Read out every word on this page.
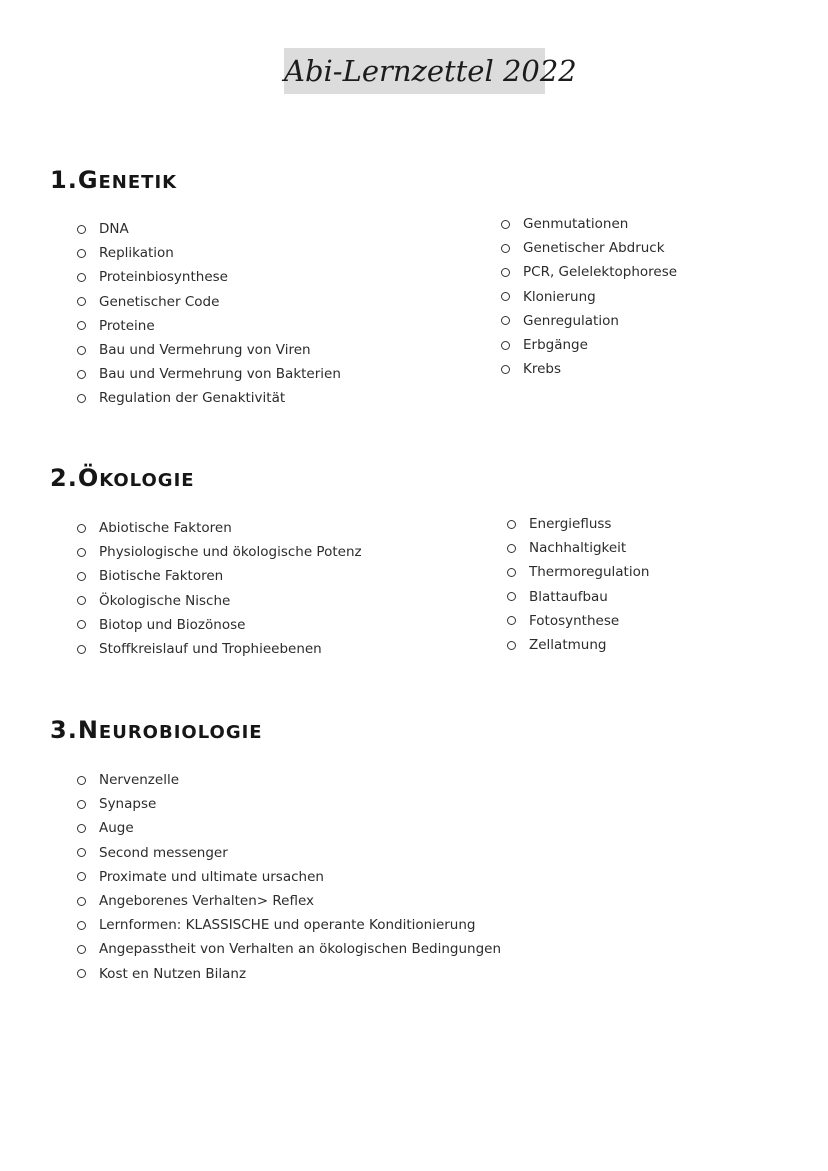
Abi-Lernzettel 2022
1.GENETIK
DNA
Replikation
Proteinbiosynthese
Genetischer Code
Proteine
Bau und Vermehrung von Viren
Bau und Vermehrung von Bakterien
Regulation der Genaktivität
Genmutationen
Genetischer Abdruck
PCR, Gelelektophorese
Klonierung
Genregulation
Erbgänge
Krebs
2.ÖKOLOGIE
Abiotische Faktoren
Physiologische und ökologische Potenz
Biotische Faktoren
Ökologische Nische
Biotop und Biozönose
Stoffkreislauf und Trophieebenen
Energiefluss
Nachhaltigkeit
Thermoregulation
Blattaufbau
Fotosynthese
Zellatmung
3.NEUROBIOLOGIE
Nervenzelle
Synapse
Auge
Second messenger
Proximate und ultimate ursachen
Angeborenes Verhalten> Reflex
Lernformen: KLASSISCHE und operante Konditionierung
Angepasstheit von Verhalten an ökologischen Bedingungen
Kost en Nutzen Bilanz
